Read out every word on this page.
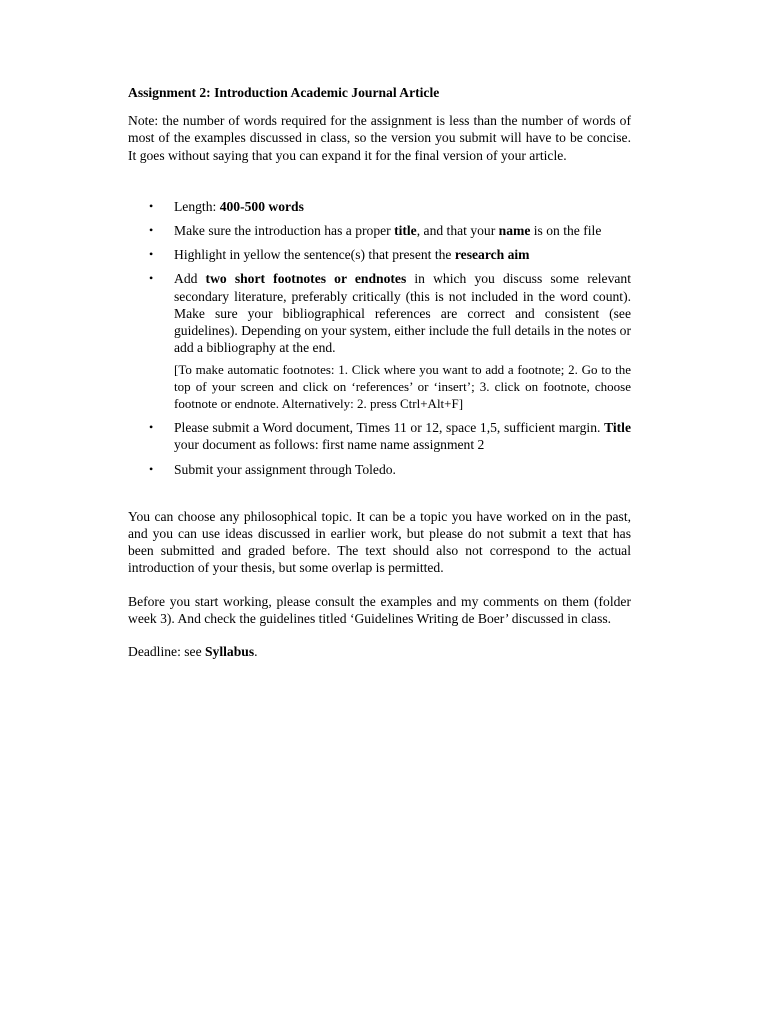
Assignment 2: Introduction Academic Journal Article

Note: the number of words required for the assignment is less than the number of words of most of the examples discussed in class, so the version you submit will have to be concise. It goes without saying that you can expand it for the final version of your article.

• Length: 400-500 words
• Make sure the introduction has a proper title, and that your name is on the file
• Highlight in yellow the sentence(s) that present the research aim
• Add two short footnotes or endnotes in which you discuss some relevant secondary literature, preferably critically (this is not included in the word count). Make sure your bibliographical references are correct and consistent (see guidelines). Depending on your system, either include the full details in the notes or add a bibliography at the end.

[To make automatic footnotes: 1. Click where you want to add a footnote; 2. Go to the top of your screen and click on ‘references’ or ‘insert’; 3. click on footnote, choose footnote or endnote. Alternatively: 2. press Ctrl+Alt+F]

• Please submit a Word document, Times 11 or 12, space 1,5, sufficient margin. Title your document as follows: first name name assignment 2
• Submit your assignment through Toledo.

You can choose any philosophical topic. It can be a topic you have worked on in the past, and you can use ideas discussed in earlier work, but please do not submit a text that has been submitted and graded before. The text should also not correspond to the actual introduction of your thesis, but some overlap is permitted.

Before you start working, please consult the examples and my comments on them (folder week 3). And check the guidelines titled ‘Guidelines Writing de Boer’ discussed in class.

Deadline: see Syllabus.
